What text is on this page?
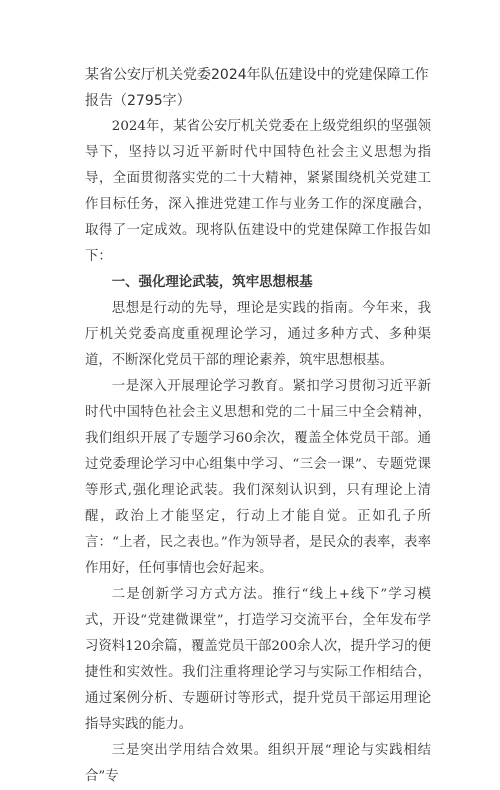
某省公安厅机关党委2024年队伍建设中的党建保障工作报告（2795字）

2024年，某省公安厅机关党委在上级党组织的坚强领导下，坚持以习近平新时代中国特色社会主义思想为指导，全面贯彻落实党的二十大精神，紧紧围绕机关党建工作目标任务，深入推进党建工作与业务工作的深度融合，取得了一定成效。现将队伍建设中的党建保障工作报告如下：

一、强化理论武装，筑牢思想根基

思想是行动的先导，理论是实践的指南。今年来，我厅机关党委高度重视理论学习，通过多种方式、多种渠道，不断深化党员干部的理论素养，筑牢思想根基。

一是深入开展理论学习教育。紧扣学习贯彻习近平新时代中国特色社会主义思想和党的二十届三中全会精神，我们组织开展了专题学习60余次，覆盖全体党员干部。通过党委理论学习中心组集中学习、“三会一课”、专题党课等形式,强化理论武装。我们深刻认识到，只有理论上清醒，政治上才能坚定，行动上才能自觉。正如孔子所言：“上者，民之表也。”作为领导者，是民众的表率，表率作用好，任何事情也会好起来。

二是创新学习方式方法。推行“线上+线下”学习模式，开设“党建微课堂”，打造学习交流平台，全年发布学习资料120余篇，覆盖党员干部200余人次，提升学习的便捷性和实效性。我们注重将理论学习与实际工作相结合，通过案例分析、专题研讨等形式，提升党员干部运用理论指导实践的能力。

三是突出学用结合效果。组织开展“理论与实践相结合”专
